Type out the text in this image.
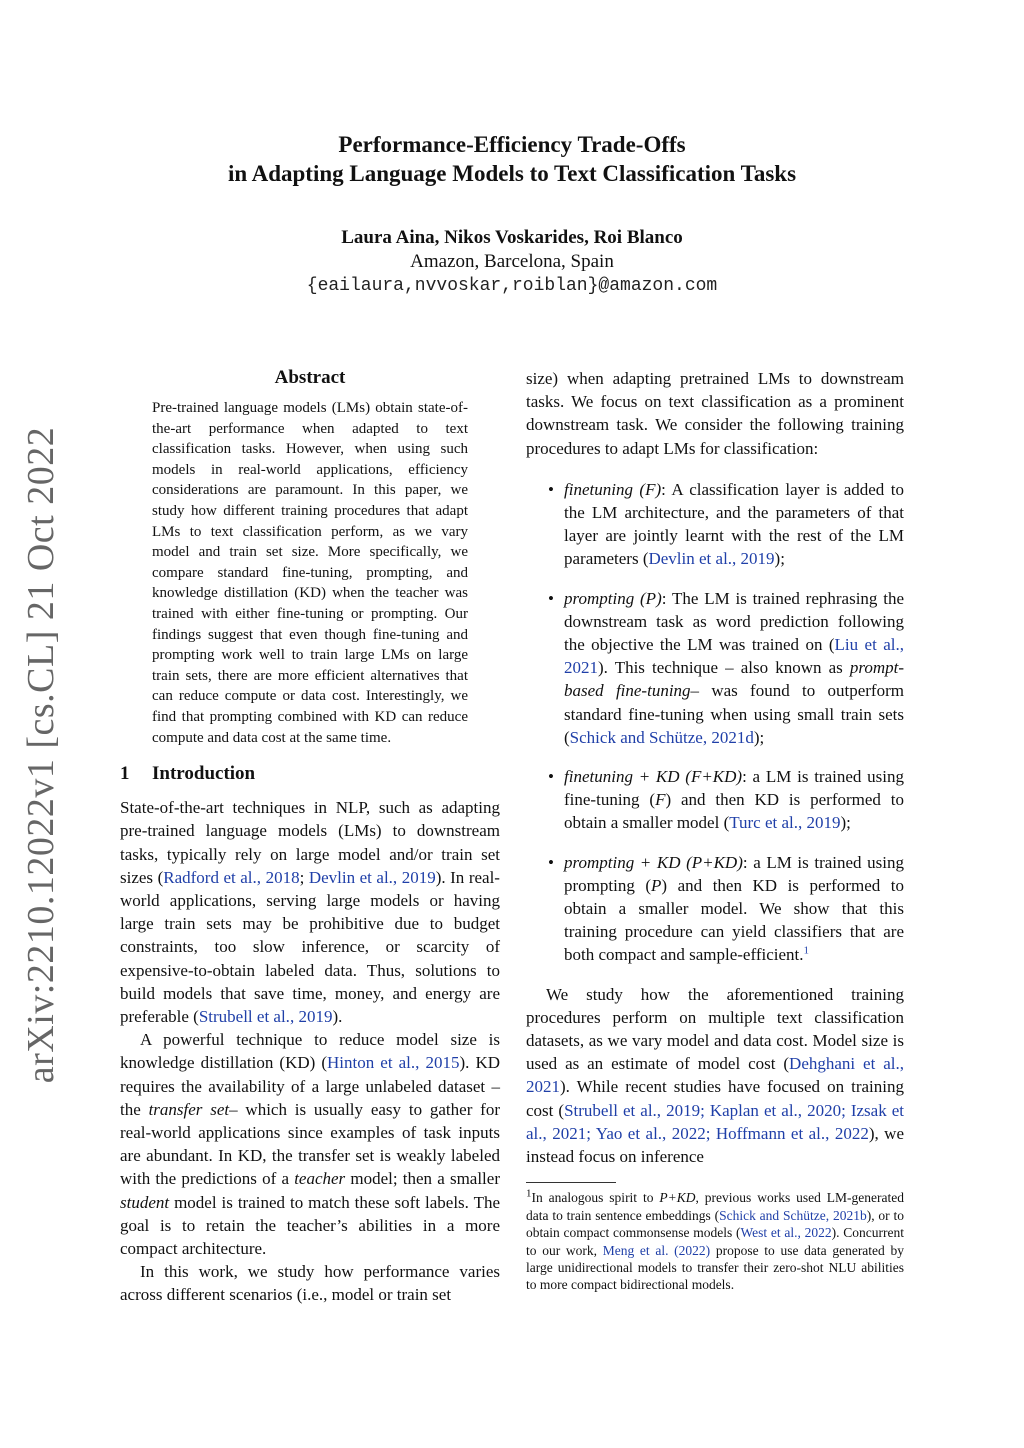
arXiv:2210.12022v1 [cs.CL] 21 Oct 2022
Performance-Efficiency Trade-Offs
in Adapting Language Models to Text Classification Tasks
Laura Aina, Nikos Voskarides, Roi Blanco
Amazon, Barcelona, Spain
{eailaura,nvvoskar,roiblan}@amazon.com
Abstract

Pre-trained language models (LMs) obtain state-of-the-art performance when adapted to text classification tasks. However, when using such models in real-world applications, efficiency considerations are paramount. In this paper, we study how different training procedures that adapt LMs to text classification perform, as we vary model and train set size. More specifically, we compare standard fine-tuning, prompting, and knowledge distillation (KD) when the teacher was trained with either fine-tuning or prompting. Our findings suggest that even though fine-tuning and prompting work well to train large LMs on large train sets, there are more efficient alternatives that can reduce compute or data cost. Interestingly, we find that prompting combined with KD can reduce compute and data cost at the same time.

1 Introduction

State-of-the-art techniques in NLP, such as adapting pre-trained language models (LMs) to downstream tasks, typically rely on large model and/or train set sizes (Radford et al., 2018; Devlin et al., 2019). In real-world applications, serving large models or having large train sets may be prohibitive due to budget constraints, too slow inference, or scarcity of expensive-to-obtain labeled data. Thus, solutions to build models that save time, money, and energy are preferable (Strubell et al., 2019).

A powerful technique to reduce model size is knowledge distillation (KD) (Hinton et al., 2015). KD requires the availability of a large unlabeled dataset –the transfer set– which is usually easy to gather for real-world applications since examples of task inputs are abundant. In KD, the transfer set is weakly labeled with the predictions of a teacher model; then a smaller student model is trained to match these soft labels. The goal is to retain the teacher’s abilities in a more compact architecture.

In this work, we study how performance varies across different scenarios (i.e., model or train set

size) when adapting pretrained LMs to downstream tasks. We focus on text classification as a prominent downstream task. We consider the following training procedures to adapt LMs for classification:

• finetuning (F): A classification layer is added to the LM architecture, and the parameters of that layer are jointly learnt with the rest of the LM parameters (Devlin et al., 2019);
• prompting (P): The LM is trained rephrasing the downstream task as word prediction following the objective the LM was trained on (Liu et al., 2021). This technique – also known as prompt-based fine-tuning– was found to outperform standard fine-tuning when using small train sets (Schick and Schütze, 2021d);
• finetuning + KD (F+KD): a LM is trained using fine-tuning (F) and then KD is performed to obtain a smaller model (Turc et al., 2019);
• prompting + KD (P+KD): a LM is trained using prompting (P) and then KD is performed to obtain a smaller model. We show that this training procedure can yield classifiers that are both compact and sample-efficient.$^1$

We study how the aforementioned training procedures perform on multiple text classification datasets, as we vary model and data cost. Model size is used as an estimate of model cost (Dehghani et al., 2021). While recent studies have focused on training cost (Strubell et al., 2019; Kaplan et al., 2020; Izsak et al., 2021; Yao et al., 2022; Hoffmann et al., 2022), we instead focus on inference

$^1$In analogous spirit to P+KD, previous works used LM-generated data to train sentence embeddings (Schick and Schütze, 2021b), or to obtain compact commonsense models (West et al., 2022). Concurrent to our work, Meng et al. (2022) propose to use data generated by large unidirectional models to transfer their zero-shot NLU abilities to more compact bidirectional models.
